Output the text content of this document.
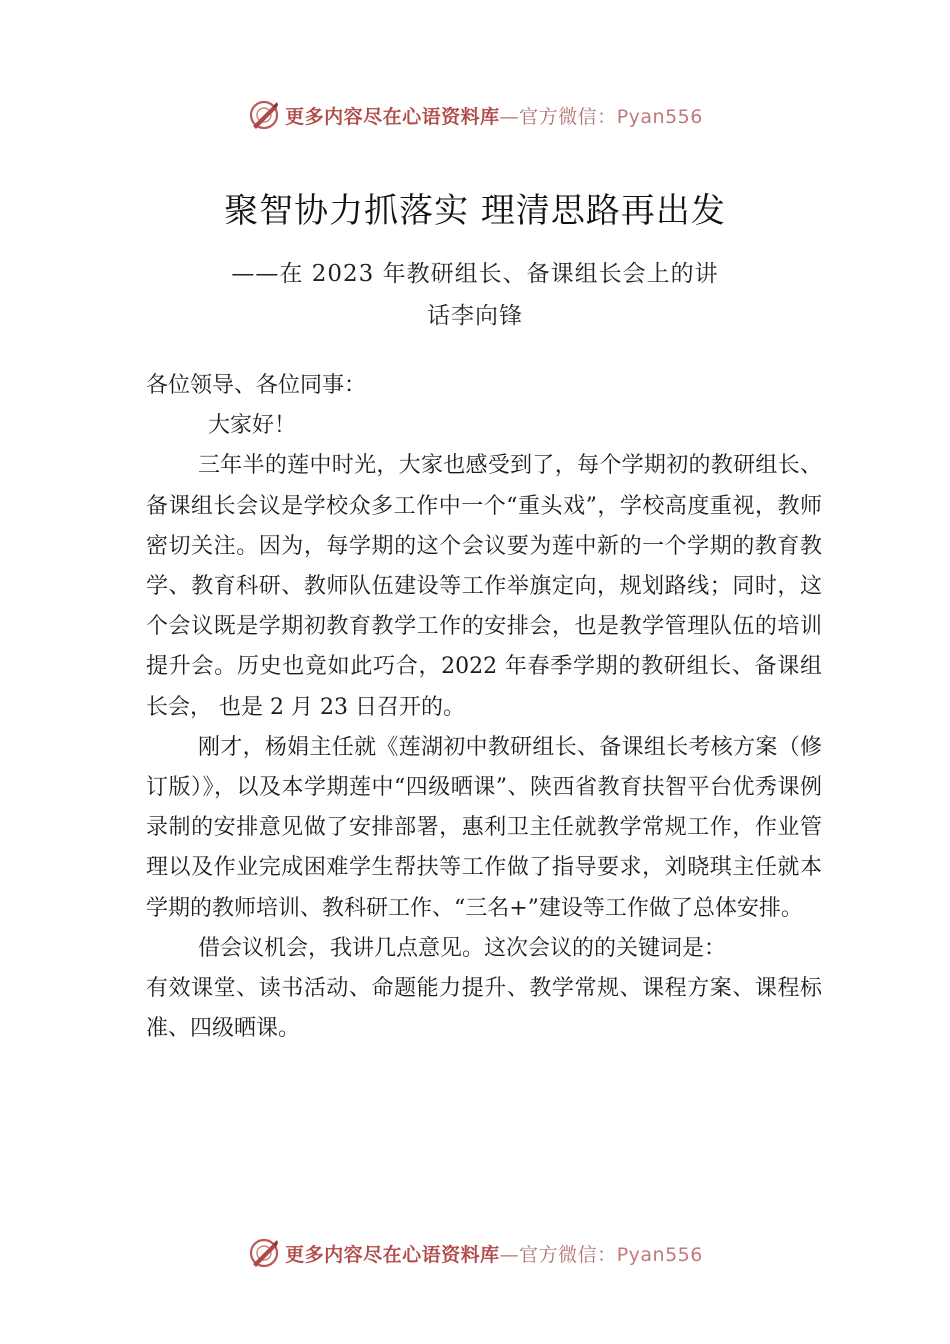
更多内容尽在心语资料库—官方微信：Pyan556
聚智协力抓落实 理清思路再出发
——在 2023 年教研组长、备课组长会上的讲
话李向锋

各位领导、各位同事：

大家好！

三年半的莲中时光，大家也感受到了，每个学期初的教研组长、备课组长会议是学校众多工作中一个“重头戏”，学校高度重视，教师密切关注。因为，每学期的这个会议要为莲中新的一个学期的教育教学、教育科研、教师队伍建设等工作举旗定向，规划路线；同时，这个会议既是学期初教育教学工作的安排会，也是教学管理队伍的培训提升会。历史也竟如此巧合，2022 年春季学期的教研组长、备课组长会， 也是 2 月 23 日召开的。

刚才，杨娟主任就《莲湖初中教研组长、备课组长考核方案（修订版）》，以及本学期莲中“四级晒课”、陕西省教育扶智平台优秀课例录制的安排意见做了安排部署，惠利卫主任就教学常规工作，作业管理以及作业完成困难学生帮扶等工作做了指导要求，刘晓琪主任就本学期的教师培训、教科研工作、“三名+”建设等工作做了总体安排。

借会议机会，我讲几点意见。这次会议的的关键词是：

有效课堂、读书活动、命题能力提升、教学常规、课程方案、课程标准、四级晒课。

更多内容尽在心语资料库—官方微信：Pyan556
